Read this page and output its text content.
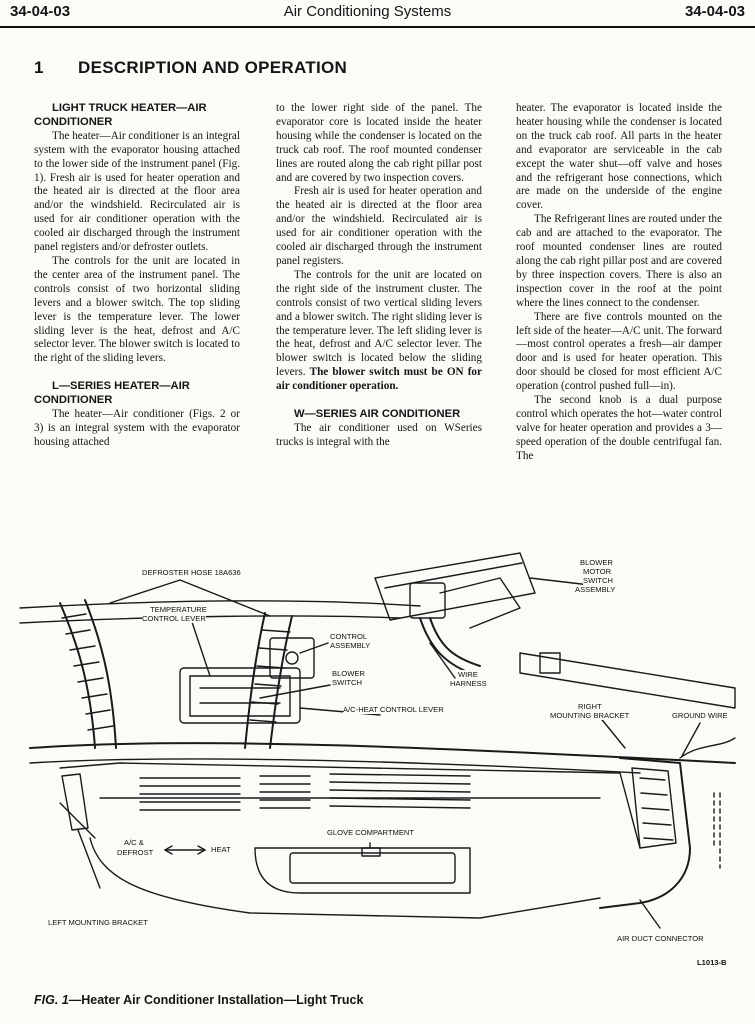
34-04-03	Air Conditioning Systems	34-04-03
1 DESCRIPTION AND OPERATION

LIGHT TRUCK HEATER—AIR CONDITIONER

The heater—Air conditioner is an integral system with the evaporator housing attached to the lower side of the instrument panel (Fig. 1). Fresh air is used for heater operation and the heated air is directed at the floor area and/or the windshield. Recirculated air is used for air conditioner operation with the cooled air discharged through the instrument panel registers and/or defroster outlets.

The controls for the unit are located in the center area of the instrument panel. The controls consist of two horizontal sliding levers and a blower switch. The top sliding lever is the temperature lever. The lower sliding lever is the heat, defrost and A/C selector lever. The blower switch is located to the right of the sliding levers.

L—SERIES HEATER—AIR CONDITIONER

The heater—Air conditioner (Figs. 2 or 3) is an integral system with the evaporator housing attached

to the lower right side of the panel. The evaporator core is located inside the heater housing while the condenser is located on the truck cab roof. The roof mounted condenser lines are routed along the cab right pillar post and are covered by two inspection covers.

Fresh air is used for heater operation and the heated air is directed at the floor area and/or the windshield. Recirculated air is used for air conditioner operation with the cooled air discharged through the instrument panel registers.

The controls for the unit are located on the right side of the instrument cluster. The controls consist of two vertical sliding levers and a blower switch. The right sliding lever is the temperature lever. The left sliding lever is the heat, defrost and A/C selector lever. The blower switch is located below the sliding levers. The blower switch must be ON for air conditioner operation.

W—SERIES AIR CONDITIONER

The air conditioner used on WSeries trucks is integral with the

heater. The evaporator is located inside the heater housing while the condenser is located on the truck cab roof. All parts in the heater and evaporator are serviceable in the cab except the water shut—off valve and hoses and the refrigerant hose connections, which are made on the underside of the engine cover.

The Refrigerant lines are routed under the cab and are attached to the evaporator. The roof mounted condenser lines are routed along the cab right pillar post and are covered by three inspection covers. There is also an inspection cover in the roof at the point where the lines connect to the condenser.

There are five controls mounted on the left side of the heater—A/C unit. The forward—most control operates a fresh—air damper door and is used for heater operation. This door should be closed for most efficient A/C operation (control pushed full—in).

The second knob is a dual purpose control which operates the hot—water control valve for heater operation and provides a 3—speed operation of the double centrifugal fan. The

DEFROSTER HOSE 18A636
TEMPERATURE
CONTROL LEVER
CONTROL
ASSEMBLY
BLOWER
SWITCH
WIRE
HARNESS
A/C-HEAT CONTROL LEVER
BLOWER
MOTOR
SWITCH
ASSEMBLY
RIGHT
MOUNTING BRACKET	GROUND WIRE
GLOVE COMPARTMENT
A/C &
DEFROST	HEAT
LEFT MOUNTING BRACKET
AIR DUCT CONNECTOR
L1013-B
FIG. 1—Heater Air Conditioner Installation—Light Truck
